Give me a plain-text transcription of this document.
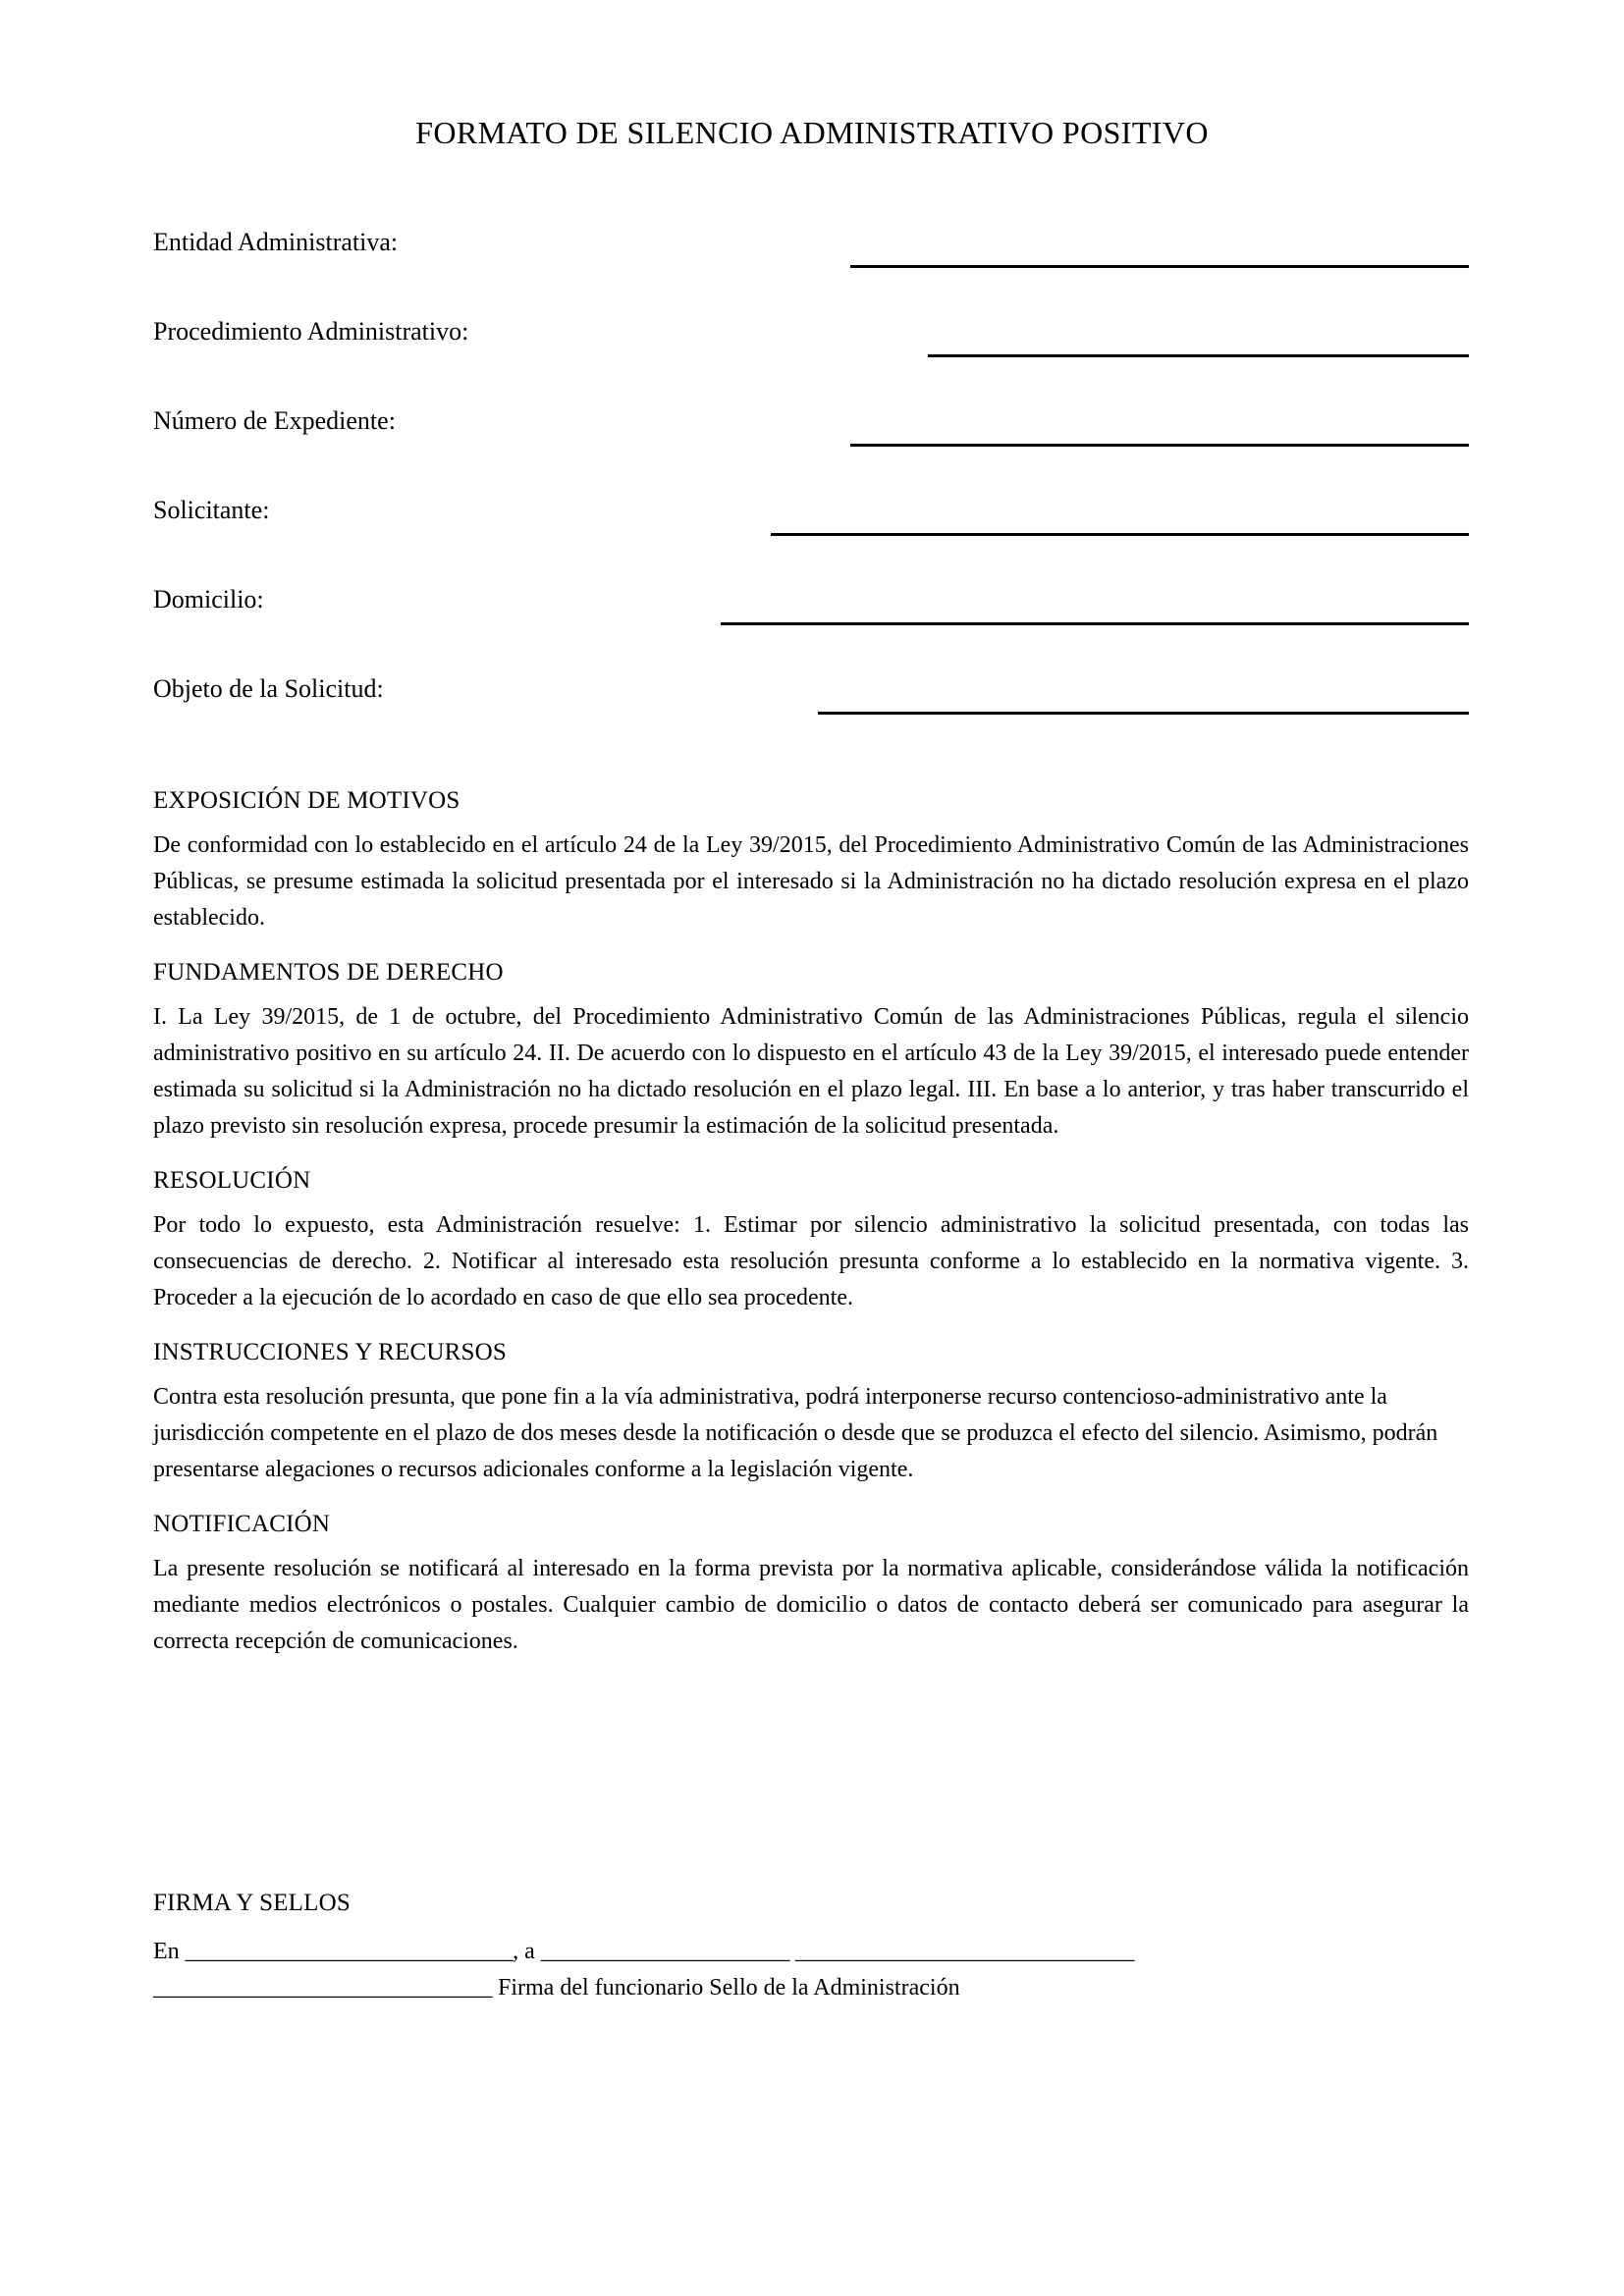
FORMATO DE SILENCIO ADMINISTRATIVO POSITIVO
Entidad Administrativa:
Procedimiento Administrativo:
Número de Expediente:
Solicitante:
Domicilio:
Objeto de la Solicitud:
EXPOSICIÓN DE MOTIVOS

De conformidad con lo establecido en el artículo 24 de la Ley 39/2015, del Procedimiento Administrativo Común de las Administraciones Públicas, se presume estimada la solicitud presentada por el interesado si la Administración no ha dictado resolución expresa en el plazo establecido.

FUNDAMENTOS DE DERECHO

I. La Ley 39/2015, de 1 de octubre, del Procedimiento Administrativo Común de las Administraciones Públicas, regula el silencio administrativo positivo en su artículo 24. II. De acuerdo con lo dispuesto en el artículo 43 de la Ley 39/2015, el interesado puede entender estimada su solicitud si la Administración no ha dictado resolución en el plazo legal. III. En base a lo anterior, y tras haber transcurrido el plazo previsto sin resolución expresa, procede presumir la estimación de la solicitud presentada.

RESOLUCIÓN

Por todo lo expuesto, esta Administración resuelve: 1. Estimar por silencio administrativo la solicitud presentada, con todas las consecuencias de derecho. 2. Notificar al interesado esta resolución presunta conforme a lo establecido en la normativa vigente. 3. Proceder a la ejecución de lo acordado en caso de que ello sea procedente.

INSTRUCCIONES Y RECURSOS

Contra esta resolución presunta, que pone fin a la vía administrativa, podrá interponerse recurso contencioso-administrativo ante la jurisdicción competente en el plazo de dos meses desde la notificación o desde que se produzca el efecto del silencio. Asimismo, podrán presentarse alegaciones o recursos adicionales conforme a la legislación vigente.

NOTIFICACIÓN

La presente resolución se notificará al interesado en la forma prevista por la normativa aplicable, considerándose válida la notificación mediante medios electrónicos o postales. Cualquier cambio de domicilio o datos de contacto deberá ser comunicado para asegurar la correcta recepción de comunicaciones.

FIRMA Y SELLOS

En _____________________________, a ______________________ ______________________________

______________________________ Firma del funcionario Sello de la Administración
